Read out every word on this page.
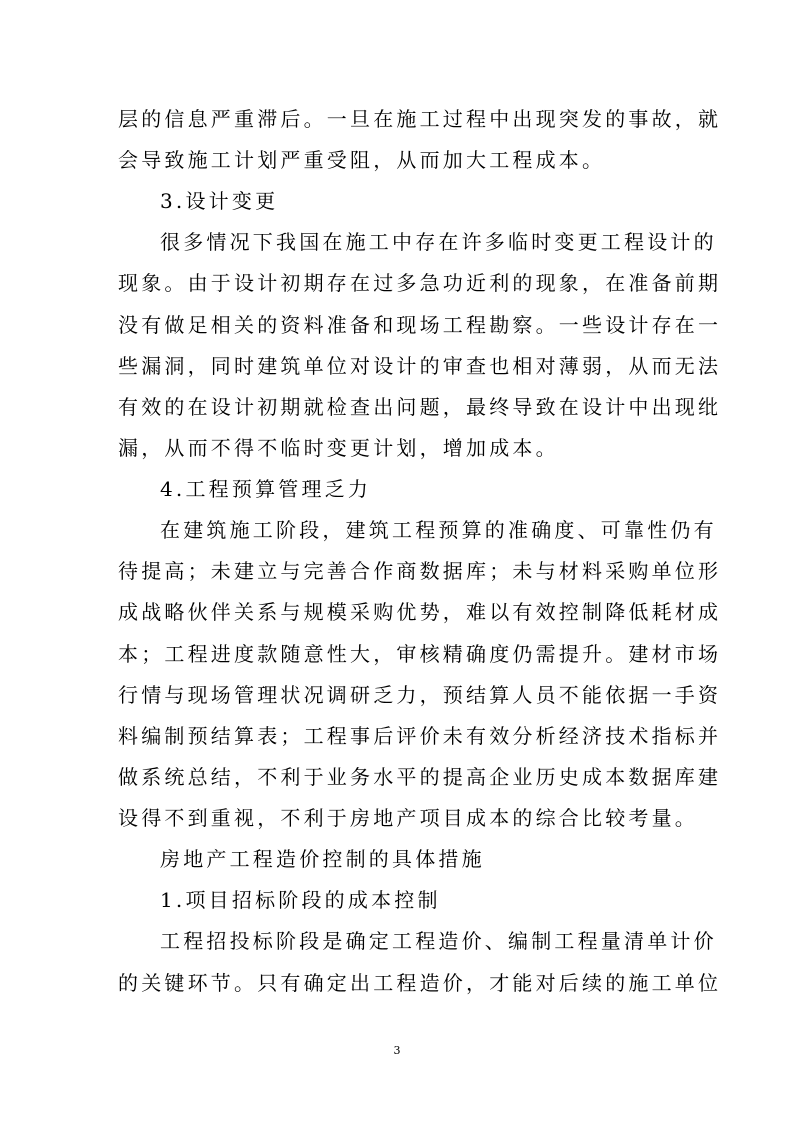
层的信息严重滞后。一旦在施工过程中出现突发的事故，就
会导致施工计划严重受阻，从而加大工程成本。
3.设计变更
很多情况下我国在施工中存在许多临时变更工程设计的
现象。由于设计初期存在过多急功近利的现象，在准备前期
没有做足相关的资料准备和现场工程勘察。一些设计存在一
些漏洞，同时建筑单位对设计的审查也相对薄弱，从而无法
有效的在设计初期就检查出问题，最终导致在设计中出现纰
漏，从而不得不临时变更计划，增加成本。
4.工程预算管理乏力
在建筑施工阶段，建筑工程预算的准确度、可靠性仍有
待提高；未建立与完善合作商数据库；未与材料采购单位形
成战略伙伴关系与规模采购优势，难以有效控制降低耗材成
本；工程进度款随意性大，审核精确度仍需提升。建材市场
行情与现场管理状况调研乏力，预结算人员不能依据一手资
料编制预结算表；工程事后评价未有效分析经济技术指标并
做系统总结，不利于业务水平的提高企业历史成本数据库建
设得不到重视，不利于房地产项目成本的综合比较考量。
房地产工程造价控制的具体措施
1.项目招标阶段的成本控制
工程招投标阶段是确定工程造价、编制工程量清单计价
的关键环节。只有确定出工程造价，才能对后续的施工单位
3
